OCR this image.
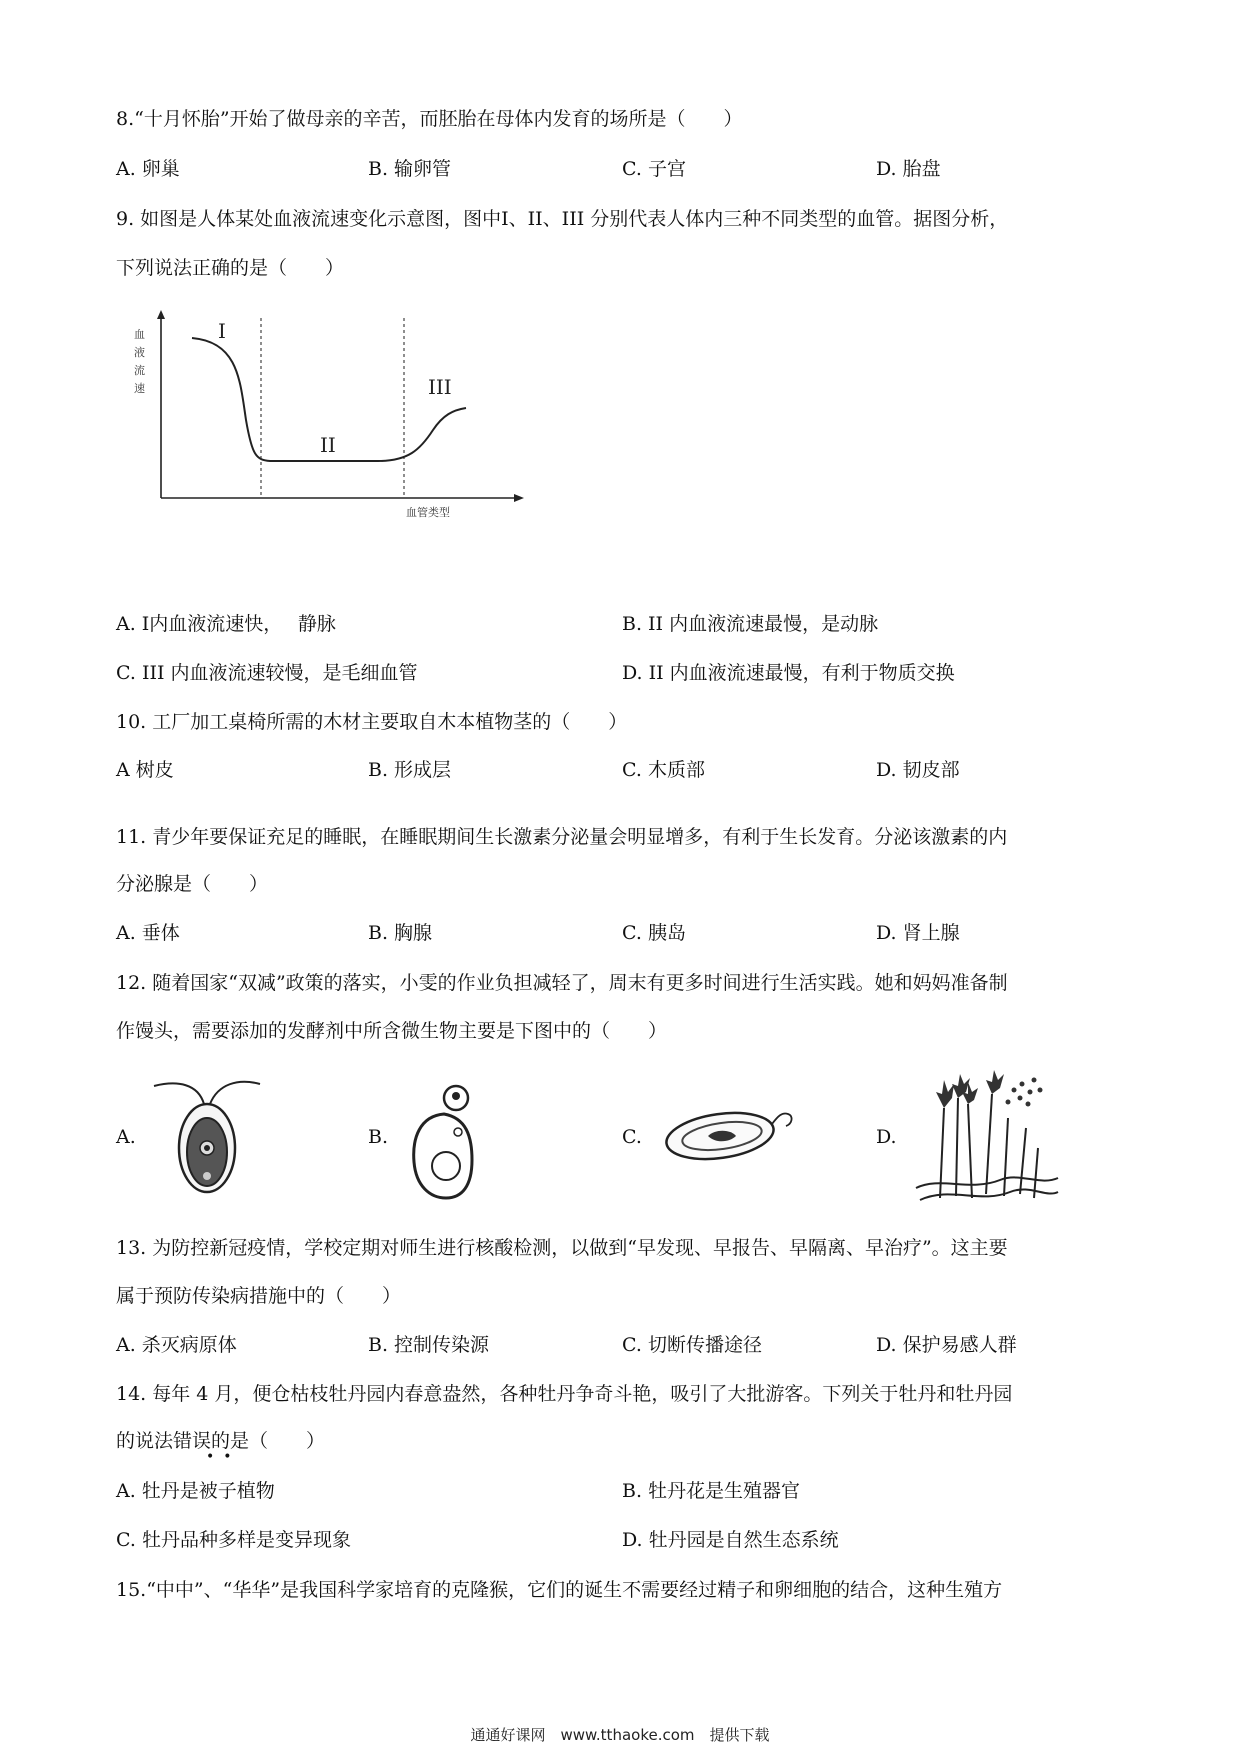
8.“十月怀胎”开始了做母亲的辛苦，而胚胎在母体内发育的场所是（　　）
A. 卵巢	B. 输卵管	C. 子宫	D. 胎盘
9. 如图是人体某处血液流速变化示意图，图中I、II、III 分别代表人体内三种不同类型的血管。据图分析，
下列说法正确的是（　　）
血
液
流
速
血管类型
I
II
III
A. I内血液流速快，　 静脉	B. II 内血液流速最慢，是动脉
C. III 内血液流速较慢，是毛细血管	D. II 内血液流速最慢，有利于物质交换
10. 工厂加工桌椅所需的木材主要取自木本植物茎的（　　）
A 树皮	B. 形成层	C. 木质部	D. 韧皮部
11. 青少年要保证充足的睡眠，在睡眠期间生长激素分泌量会明显增多，有利于生长发育。分泌该激素的内
分泌腺是（　　）
A. 垂体	B. 胸腺	C. 胰岛	D. 肾上腺
12. 随着国家“双减”政策的落实，小雯的作业负担减轻了，周末有更多时间进行生活实践。她和妈妈准备制
作馒头，需要添加的发酵剂中所含微生物主要是下图中的（　　）
A.	B.	C.	D.
13. 为防控新冠疫情，学校定期对师生进行核酸检测，以做到“早发现、早报告、早隔离、早治疗”。这主要
属于预防传染病措施中的（　　）
A. 杀灭病原体	B. 控制传染源	C. 切断传播途径	D. 保护易感人群
14. 每年 4 月，便仓枯枝牡丹园内春意盎然，各种牡丹争奇斗艳，吸引了大批游客。下列关于牡丹和牡丹园
的说法错误的是（　　）
••
A. 牡丹是被子植物	B. 牡丹花是生殖器官
C. 牡丹品种多样是变异现象	D. 牡丹园是自然生态系统
15.“中中”、“华华”是我国科学家培育的克隆猴，它们的诞生不需要经过精子和卵细胞的结合，这种生殖方
通通好课网　www.tthaoke.com　提供下载
